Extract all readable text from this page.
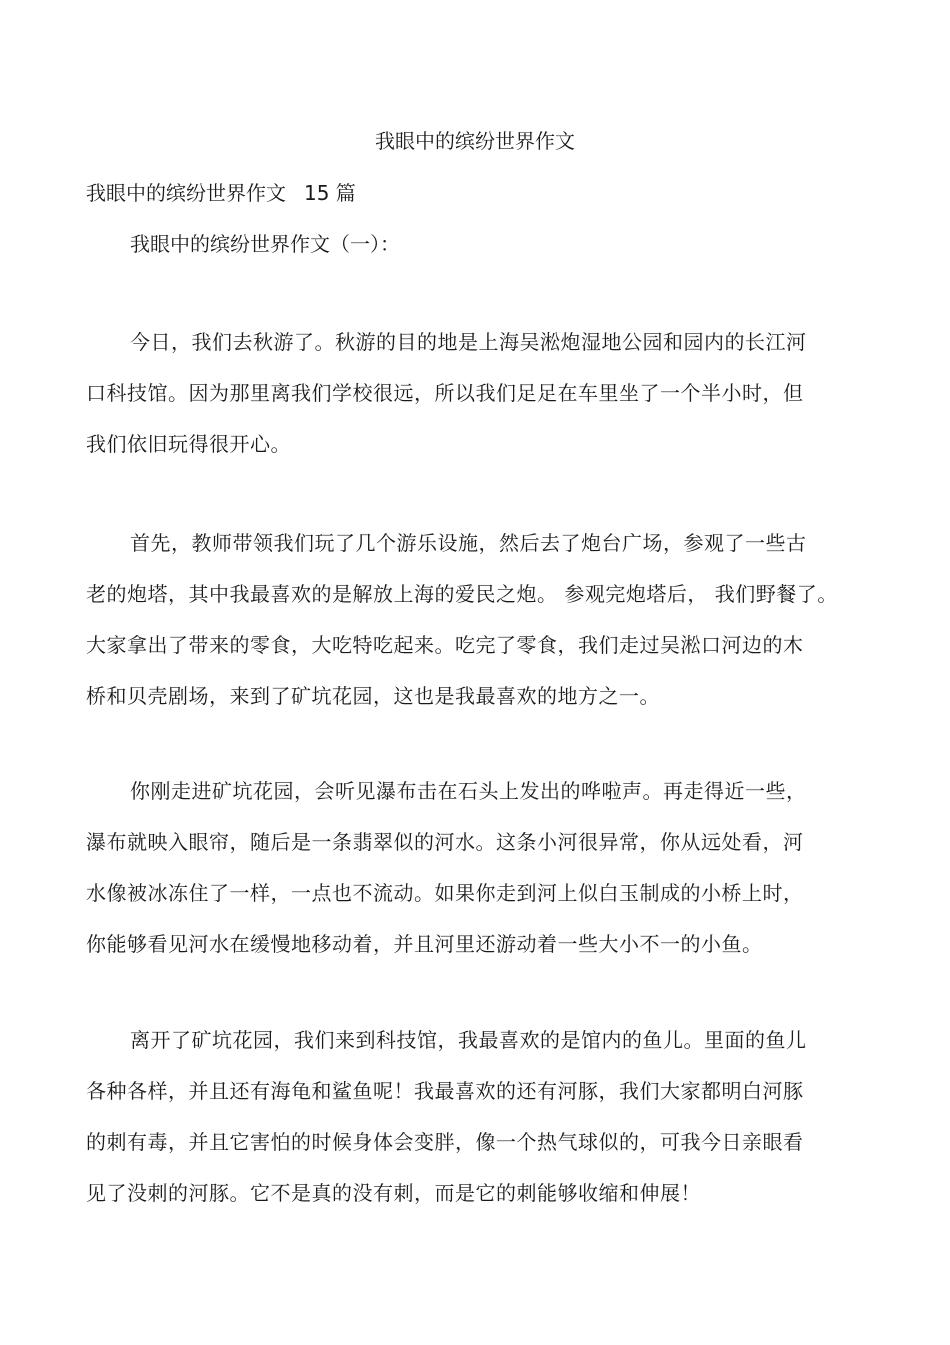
我眼中的缤纷世界作文
我眼中的缤纷世界作文 15 篇
我眼中的缤纷世界作文（一）：
今日，我们去秋游了。秋游的目的地是上海吴淞炮湿地公园和园内的长江河
口科技馆。因为那里离我们学校很远，所以我们足足在车里坐了一个半小时，但
我们依旧玩得很开心。
首先，教师带领我们玩了几个游乐设施，然后去了炮台广场，参观了一些古
老的炮塔，其中我最喜欢的是解放上海的爱民之炮。 参观完炮塔后， 我们野餐了。
大家拿出了带来的零食，大吃特吃起来。吃完了零食，我们走过吴淞口河边的木
桥和贝壳剧场，来到了矿坑花园，这也是我最喜欢的地方之一。
你刚走进矿坑花园，会听见瀑布击在石头上发出的哗啦声。再走得近一些，
瀑布就映入眼帘，随后是一条翡翠似的河水。这条小河很异常，你从远处看，河
水像被冰冻住了一样，一点也不流动。如果你走到河上似白玉制成的小桥上时，
你能够看见河水在缓慢地移动着，并且河里还游动着一些大小不一的小鱼。
离开了矿坑花园，我们来到科技馆，我最喜欢的是馆内的鱼儿。里面的鱼儿
各种各样，并且还有海龟和鲨鱼呢！我最喜欢的还有河豚，我们大家都明白河豚
的刺有毒，并且它害怕的时候身体会变胖，像一个热气球似的，可我今日亲眼看
见了没刺的河豚。它不是真的没有刺，而是它的刺能够收缩和伸展！
